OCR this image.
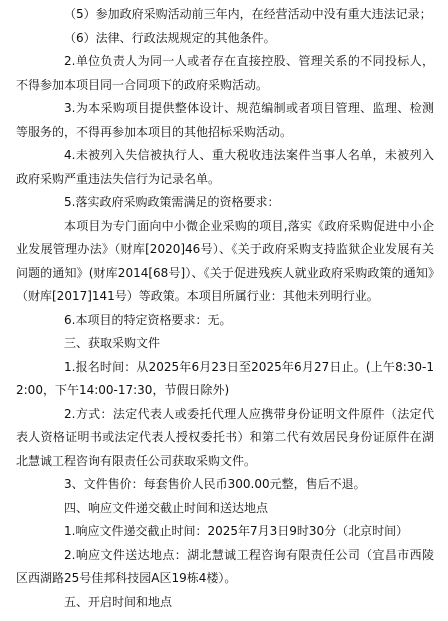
（5）参加政府采购活动前三年内，在经营活动中没有重大违法记录；

（6）法律、行政法规规定的其他条件。

2.单位负责人为同一人或者存在直接控股、管理关系的不同投标人，不得参加本项目同一合同项下的政府采购活动。

3.为本采购项目提供整体设计、规范编制或者项目管理、监理、检测等服务的，不得再参加本项目的其他招标采购活动。

4.未被列入失信被执行人、重大税收违法案件当事人名单，未被列入政府采购严重违法失信行为记录名单。

5.落实政府采购政策需满足的资格要求：

本项目为专门面向中小微企业采购的项目,落实《政府采购促进中小企业发展管理办法》（财库[2020]46号）、《关于政府采购支持监狱企业发展有关问题的通知》(财库2014[68号]）、《关于促进残疾人就业政府采购政策的通知》（财库[2017]141号）等政策。本项目所属行业：其他未列明行业。

6.本项目的特定资格要求：无。

三、获取采购文件

1.报名时间：从2025年6月23日至2025年6月27日止。(上午8:30-12:00，下午14:00-17:30，节假日除外)

2.方式：法定代表人或委托代理人应携带身份证明文件原件（法定代表人资格证明书或法定代表人授权委托书）和第二代有效居民身份证原件在湖北慧诚工程咨询有限责任公司获取采购文件。

3、文件售价：每套售价人民币300.00元整，售后不退。

四、响应文件递交截止时间和送达地点

1.响应文件递交截止时间：2025年7月3日9时30分（北京时间）

2.响应文件送达地点：湖北慧诚工程咨询有限责任公司（宜昌市西陵区西湖路25号佳邦科技园A区19栋4楼）。

五、开启时间和地点
